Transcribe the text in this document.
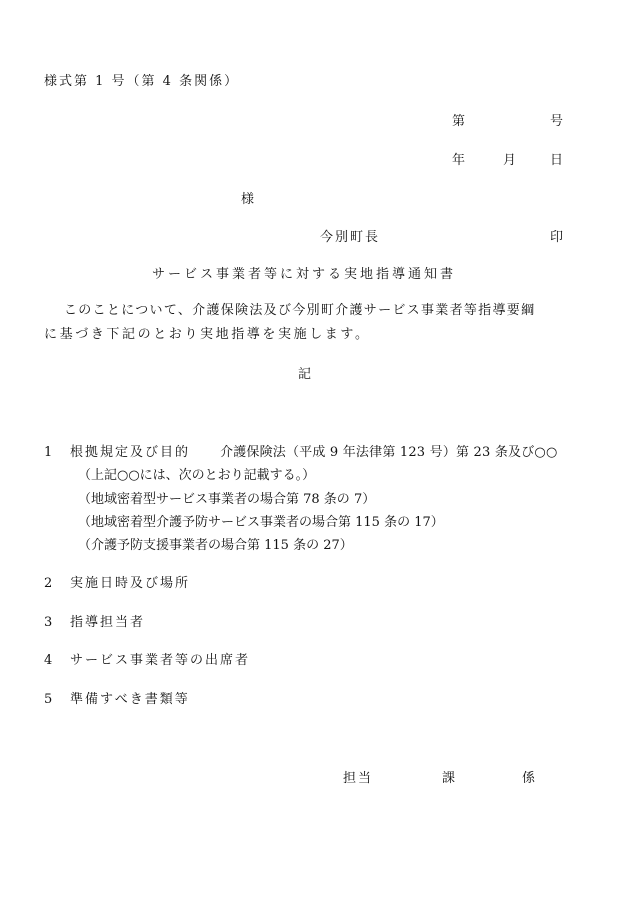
様式第 1 号（第 4 条関係）
第	号
年	月	日
様
今別町長	印
サービス事業者等に対する実地指導通知書
このことについて、介護保険法及び今別町介護サービス事業者等指導要綱
に基づき下記のとおり実地指導を実施します。
記
1 根拠規定及び目的 介護保険法（平成 9 年法律第 123 号）第 23 条及び○○
（上記○○には、次のとおり記載する。）
（地域密着型サービス事業者の場合第 78 条の 7）
（地域密着型介護予防サービス事業者の場合第 115 条の 17）
（介護予防支援事業者の場合第 115 条の 27）
2 実施日時及び場所
3 指導担当者
4 サービス事業者等の出席者
5 準備すべき書類等
担当	課	係
